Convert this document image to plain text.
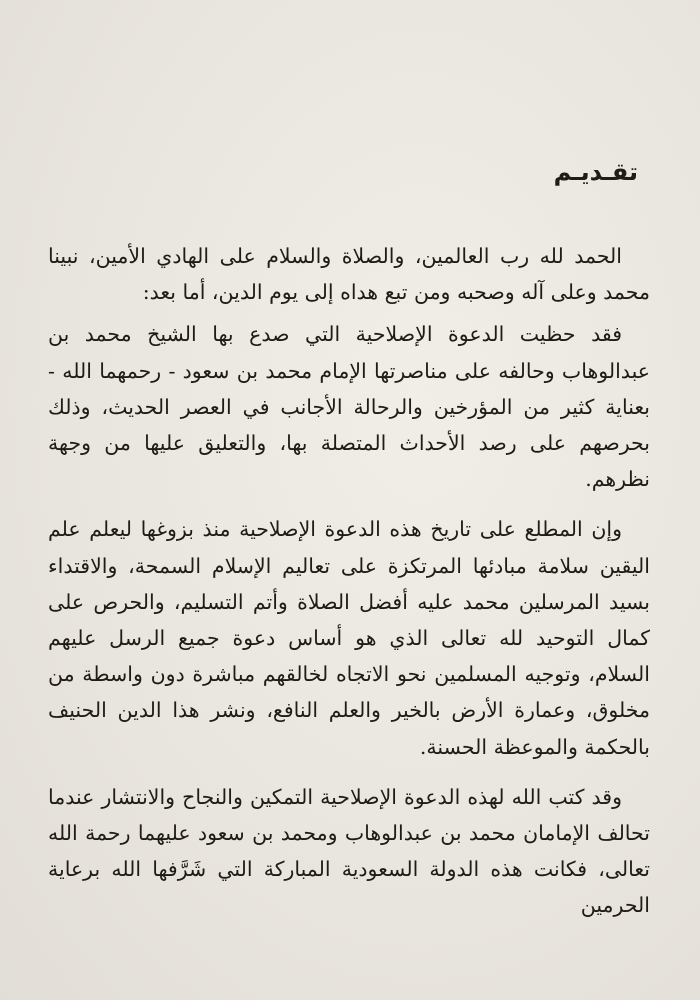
تقـديـم

الحمد لله رب العالمين، والصلاة والسلام على الهادي الأمين، نبينا محمد وعلى آله وصحبه ومن تبع هداه إلى يوم الدين، أما بعد:

فقد حظيت الدعوة الإصلاحية التي صدع بها الشيخ محمد بن عبدالوهاب وحالفه على مناصرتها الإمام محمد بن سعود - رحمهما الله - بعناية كثير من المؤرخين والرحالة الأجانب في العصر الحديث، وذلك بحرصهم على رصد الأحداث المتصلة بها، والتعليق عليها من وجهة نظرهم.

وإن المطلع على تاريخ هذه الدعوة الإصلاحية منذ بزوغها ليعلم علم اليقين سلامة مبادئها المرتكزة على تعاليم الإسلام السمحة، والاقتداء بسيد المرسلين محمد عليه أفضل الصلاة وأتم التسليم، والحرص على كمال التوحيد لله تعالى الذي هو أساس دعوة جميع الرسل عليهم السلام، وتوجيه المسلمين نحو الاتجاه لخالقهم مباشرة دون واسطة من مخلوق، وعمارة الأرض بالخير والعلم النافع، ونشر هذا الدين الحنيف بالحكمة والموعظة الحسنة.

وقد كتب الله لهذه الدعوة الإصلاحية التمكين والنجاح والانتشار عندما تحالف الإمامان محمد بن عبدالوهاب ومحمد بن سعود عليهما رحمة الله تعالى، فكانت هذه الدولة السعودية المباركة التي شَرَّفها الله برعاية الحرمين
